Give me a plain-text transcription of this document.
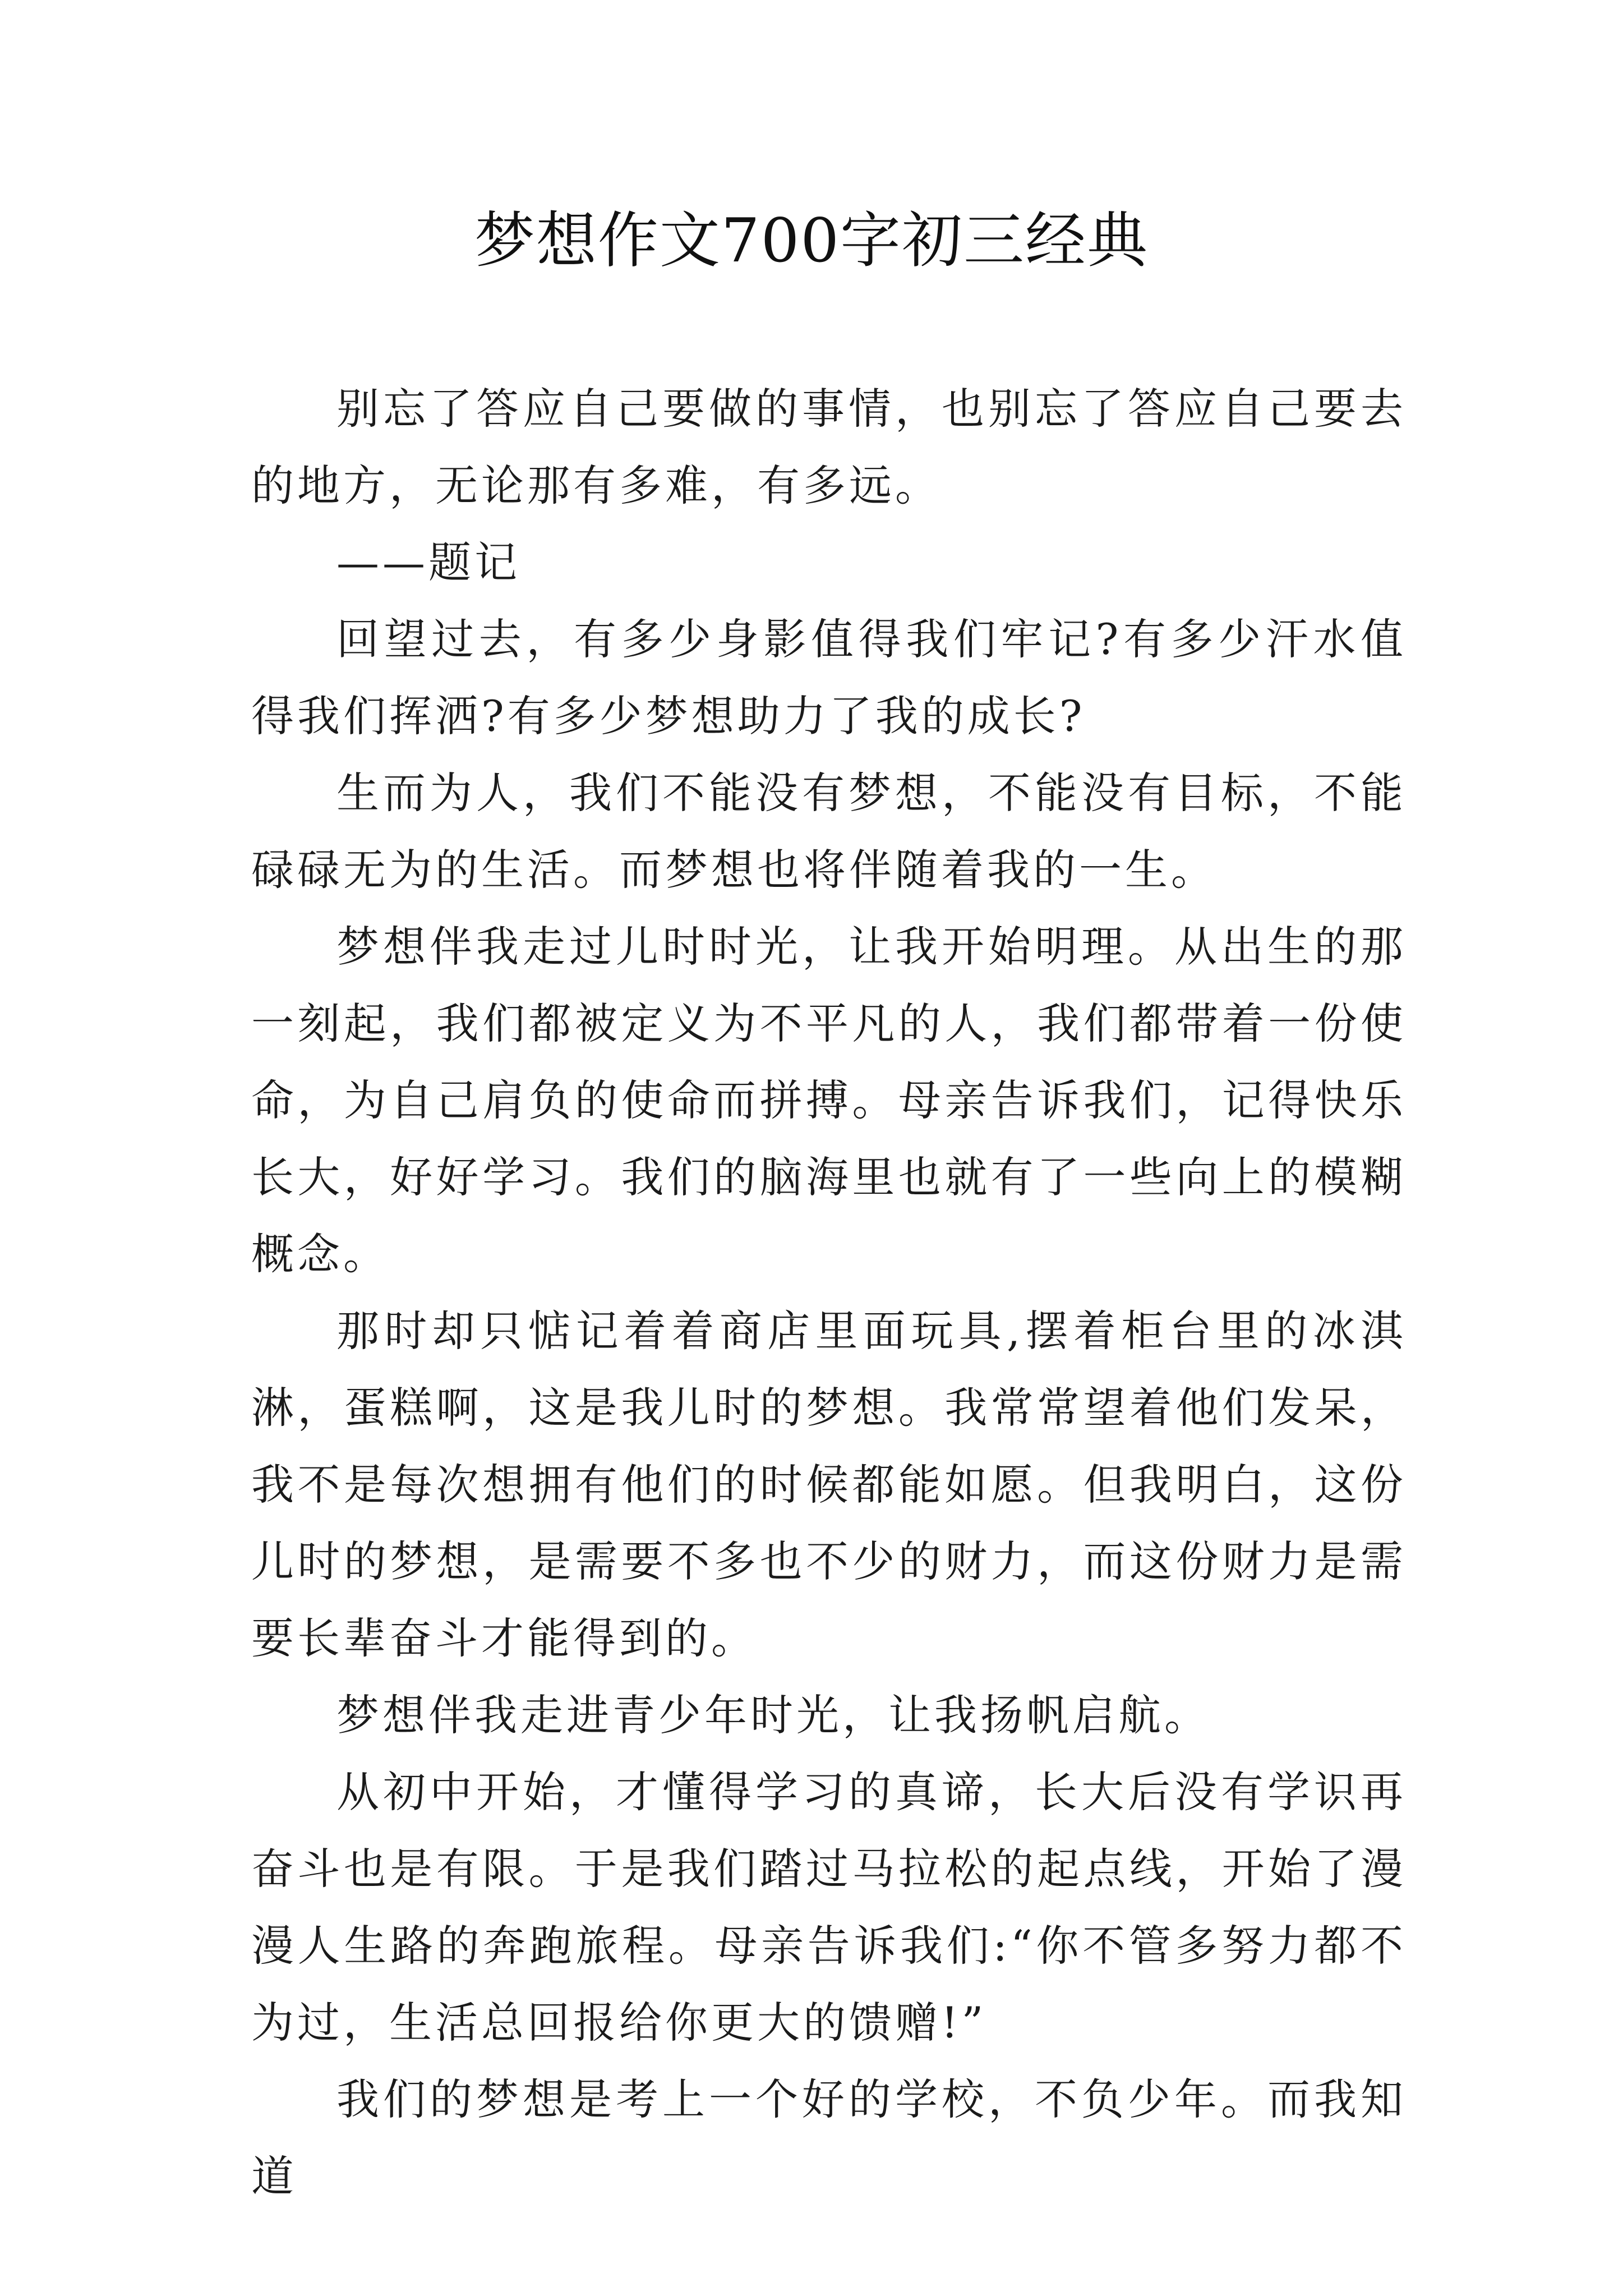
梦想作文700字初三经典

别忘了答应自己要做的事情，也别忘了答应自己要去的地方，无论那有多难，有多远。

——题记

回望过去，有多少身影值得我们牢记?有多少汗水值得我们挥洒?有多少梦想助力了我的成长?

生而为人，我们不能没有梦想，不能没有目标，不能碌碌无为的生活。而梦想也将伴随着我的一生。

梦想伴我走过儿时时光，让我开始明理。从出生的那一刻起，我们都被定义为不平凡的人，我们都带着一份使命，为自己肩负的使命而拼搏。母亲告诉我们，记得快乐长大，好好学习。我们的脑海里也就有了一些向上的模糊概念。

那时却只惦记着着商店里面玩具,摆着柜台里的冰淇淋，蛋糕啊，这是我儿时的梦想。我常常望着他们发呆，我不是每次想拥有他们的时候都能如愿。但我明白，这份儿时的梦想，是需要不多也不少的财力，而这份财力是需要长辈奋斗才能得到的。

梦想伴我走进青少年时光，让我扬帆启航。

从初中开始，才懂得学习的真谛，长大后没有学识再奋斗也是有限。于是我们踏过马拉松的起点线，开始了漫漫人生路的奔跑旅程。母亲告诉我们:“你不管多努力都不为过，生活总回报给你更大的馈赠!”

我们的梦想是考上一个好的学校，不负少年。而我知道
